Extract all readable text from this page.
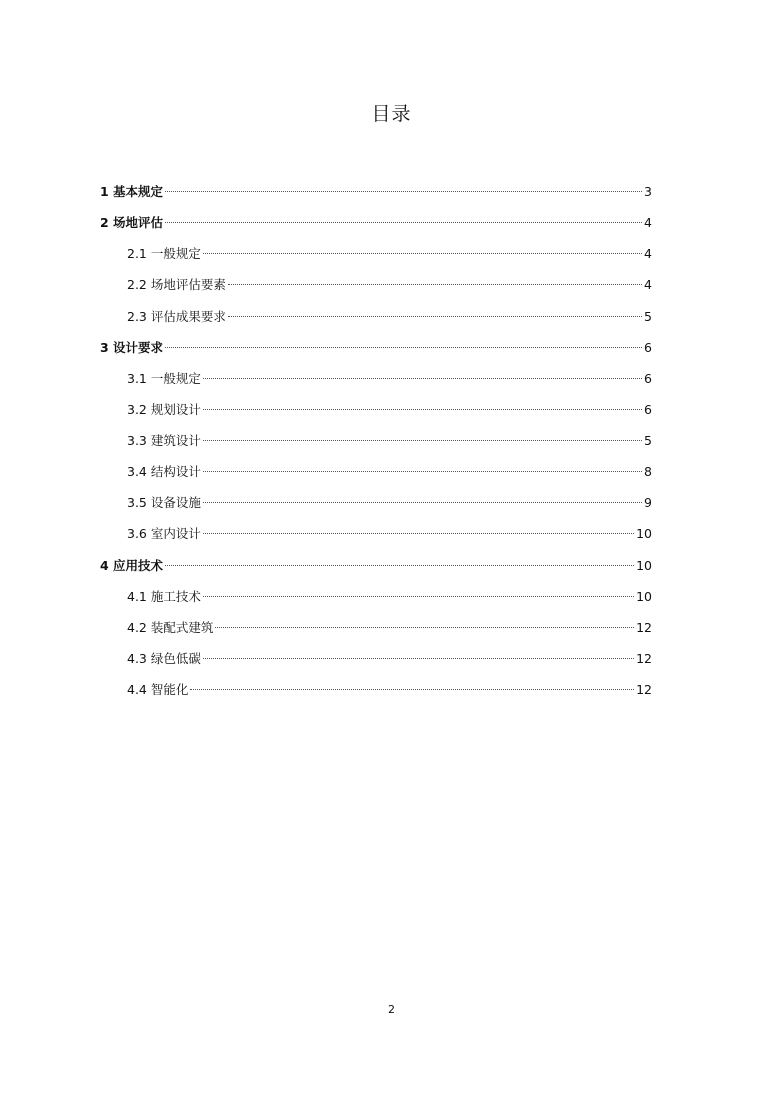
目录
1 基本规定	3
2 场地评估	4
2.1 一般规定	4
2.2 场地评估要素	4
2.3 评估成果要求	5
3 设计要求	6
3.1 一般规定	6
3.2 规划设计	6
3.3 建筑设计	5
3.4 结构设计	8
3.5 设备设施	9
3.6 室内设计	10
4 应用技术	10
4.1 施工技术	10
4.2 装配式建筑	12
4.3 绿色低碳	12
4.4 智能化	12
2
